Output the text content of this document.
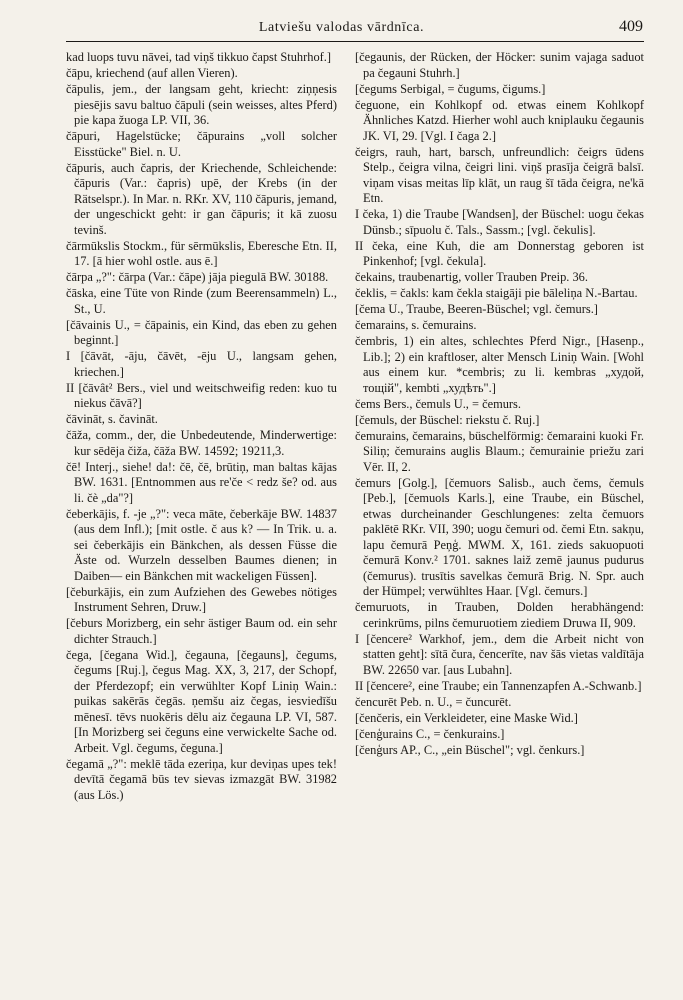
Latviešu valodas vārdnīca.	409

kad luops tuvu nāvei, tad viņš tikkuo čapst Stuhrhof.]

čāpu, kriechend (auf allen Vieren).

čāpulis, jem., der langsam geht, kriecht: ziņņesis piesējis savu baltuo čāpuli (sein weisses, altes Pferd) pie kapa žuoga LP. VII, 36.

čāpuri, Hagelstücke; čāpurains „voll solcher Eisstücke" Biel. n. U.

čāpuris, auch čapris, der Kriechende, Schleichende: čāpuris (Var.: čapris) upē, der Krebs (in der Rätselspr.). In Mar. n. RKr. XV, 110 čāpuris, jemand, der ungeschickt geht: ir gan čāpuris; it kā zuosu tevinš.

čārmūkslis Stockm., für sērmūkslis, Eberesche Etn. II, 17. [ā hier wohl ostle. aus ē.]

čārpa „?": čārpa (Var.: čāpe) jāja piegulā BW. 30188.

čāska, eine Tüte von Rinde (zum Beerensammeln) L., St., U.

[čāvainis U., = čāpainis, ein Kind, das eben zu gehen beginnt.]

I [čāvāt, -āju, čāvēt, -ēju U., langsam gehen, kriechen.]

II [čāvât² Bers., viel und weitschweifig reden: kuo tu niekus čāvā?]

čāvināt, s. čavināt.

čāža, comm., der, die Unbedeutende, Minderwertige: kur sēdēja čiža, čāža BW. 14592; 19211,3.

čē! Interj., siehe! da!: čē, čē, brūtiņ, man baltas kājas BW. 1631. [Entnommen aus re'če < redz še? od. aus li. čè „da"?]

čeberkājis, f. -je „?": veca māte, čeberkāje BW. 14837 (aus dem Infl.); [mit ostle. č aus k? — In Trik. u. a. sei čeberkājis ein Bänkchen, als dessen Füsse die Äste od. Wurzeln desselben Baumes dienen; in Daiben— ein Bänkchen mit wackeligen Füssen].

[čeburkājis, ein zum Aufziehen des Gewebes nötiges Instrument Sehren, Druw.]

[čeburs Morizberg, ein sehr ästiger Baum od. ein sehr dichter Strauch.]

čega, [čegana Wid.], čegauna, [čegauns], čegums, čegums [Ruj.], čegus Mag. XX, 3, 217, der Schopf, der Pferdezopf; ein verwühlter Kopf Liniņ Wain.: puikas sakērās čegās. ņemšu aiz čegas, iesviedīšu mēnesī. tēvs nuokēris dēlu aiz čegauna LP. VI, 587. [In Morizberg sei čeguns eine verwickelte Sache od. Arbeit. Vgl. čegums, čeguna.]

čegamā „?": meklē tāda ezeriņa, kur deviņas upes tek! devītā čegamā būs tev sievas izmazgāt BW. 31982 (aus Lös.)

[čegaunis, der Rücken, der Höcker: sunim vajaga saduot pa čegauni Stuhrh.]

[čegums Serbigal, = čugums, čigums.]

čeguone, ein Kohlkopf od. etwas einem Kohlkopf Ähnliches Katzd. Hierher wohl auch kniplauku čegaunis JK. VI, 29. [Vgl. I čaga 2.]

čeigrs, rauh, hart, barsch, unfreundlich: čeigrs ūdens Stelp., čeigra vilna, čeigri lini. viņš prasīja čeigrā balsī. viņam visas meitas līp klāt, un raug šī tāda čeigra, ne'kā Etn.

I čeka, 1) die Traube [Wandsen], der Büschel: uogu čekas Dünsb.; sīpuolu č. Tals., Sassm.; [vgl. čekulis].

II čeka, eine Kuh, die am Donnerstag geboren ist Pinkenhof; [vgl. čekula].

čekains, traubenartig, voller Trauben Preip. 36.

čeklis, = čakls: kam čekla staigāji pie bāleliņa N.-Bartau.

[čema U., Traube, Beeren-Büschel; vgl. čemurs.]

čemarains, s. čemurains.

čembris, 1) ein altes, schlechtes Pferd Nigr., [Hasenp., Lib.]; 2) ein kraftloser, alter Mensch Liniņ Wain. [Wohl aus einem kur. *cembris; zu li. kembras „худой, тощій", kembti „худѣть".]

čems Bers., čemuls U., = čemurs.

[čemuls, der Büschel: riekstu č. Ruj.]

čemurains, čemarains, büschelförmig: čemaraini kuoki Fr. Siliņ; čemurains auglis Blaum.; čemurainie priežu zari Vēr. II, 2.

čemurs [Golg.], [čemuors Salisb., auch čems, čemuls [Peb.], [čemuols Karls.], eine Traube, ein Büschel, etwas durcheinander Geschlungenes: zelta čemuors paklētē RKr. VII, 390; uogu čemuri od. čemi Etn. sakņu, lapu čemurā Peņģ. MWM. X, 161. zieds sakuopuoti čemurā Konv.² 1701. saknes laiž zemē jaunus pudurus (čemurus). trusītis savelkas čemurā Brig. N. Spr. auch der Hümpel; verwühltes Haar. [Vgl. čemurs.]

čemuruots, in Trauben, Dolden herabhängend: cerinkrūms, pilns čemuruotiem ziediem Druwa II, 909.

I [čencere² Warkhof, jem., dem die Arbeit nicht von statten geht]: sītā čura, čencerīte, nav šās vietas valdītāja BW. 22650 var. [aus Lubahn].

II [čencere², eine Traube; ein Tannenzapfen A.-Schwanb.]

čencurēt Peb. n. U., = čuncurēt.

[čenčeris, ein Verkleideter, eine Maske Wid.]

[čenģurains C., = čenkurains.]

[čenģurs AP., C., „ein Büschel"; vgl. čenkurs.]
